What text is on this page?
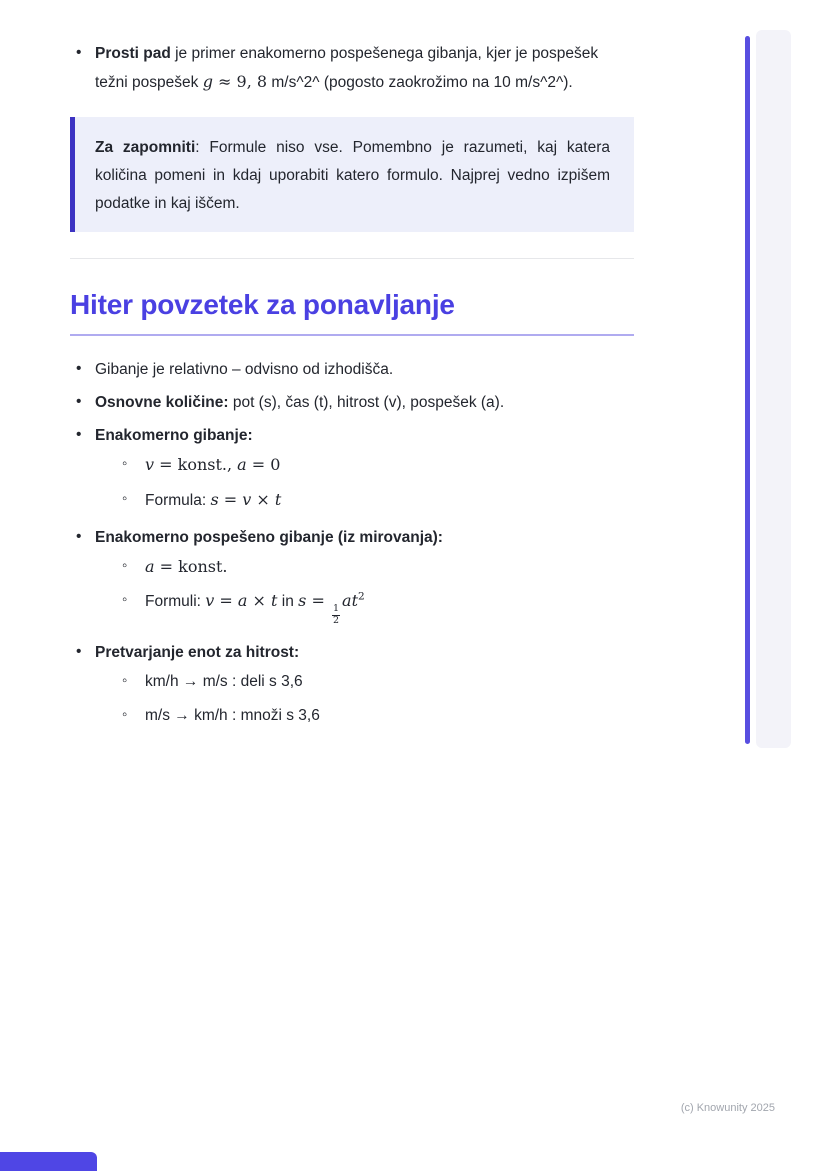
• Prosti pad je primer enakomerno pospešenega gibanja, kjer je pospešek težni pospešek g ≈ 9, 8 m/s^2^ (pogosto zaokrožimo na 10 m/s^2^).

Za zapomniti: Formule niso vse. Pomembno je razumeti, kaj katera količina pomeni in kdaj uporabiti katero formulo. Najprej vedno izpišem podatke in kaj iščem.

Hiter povzetek za ponavljanje
• Gibanje je relativno – odvisno od izhodišča.
• Osnovne količine: pot (s), čas (t), hitrost (v), pospešek (a).
• Enakomerno gibanje:
◦ v = konst., a = 0
◦ Formula: s = v × t
• Enakomerno pospešeno gibanje (iz mirovanja):
◦ a = konst.
◦ Formuli: v = a × t in s =
$\frac{1}{2}$
$at^2$
• Pretvarjanje enot za hitrost:
◦ km/h → m/s : deli s 3,6
◦ m/s → km/h : množi s 3,6
(c) Knowunity 2025
